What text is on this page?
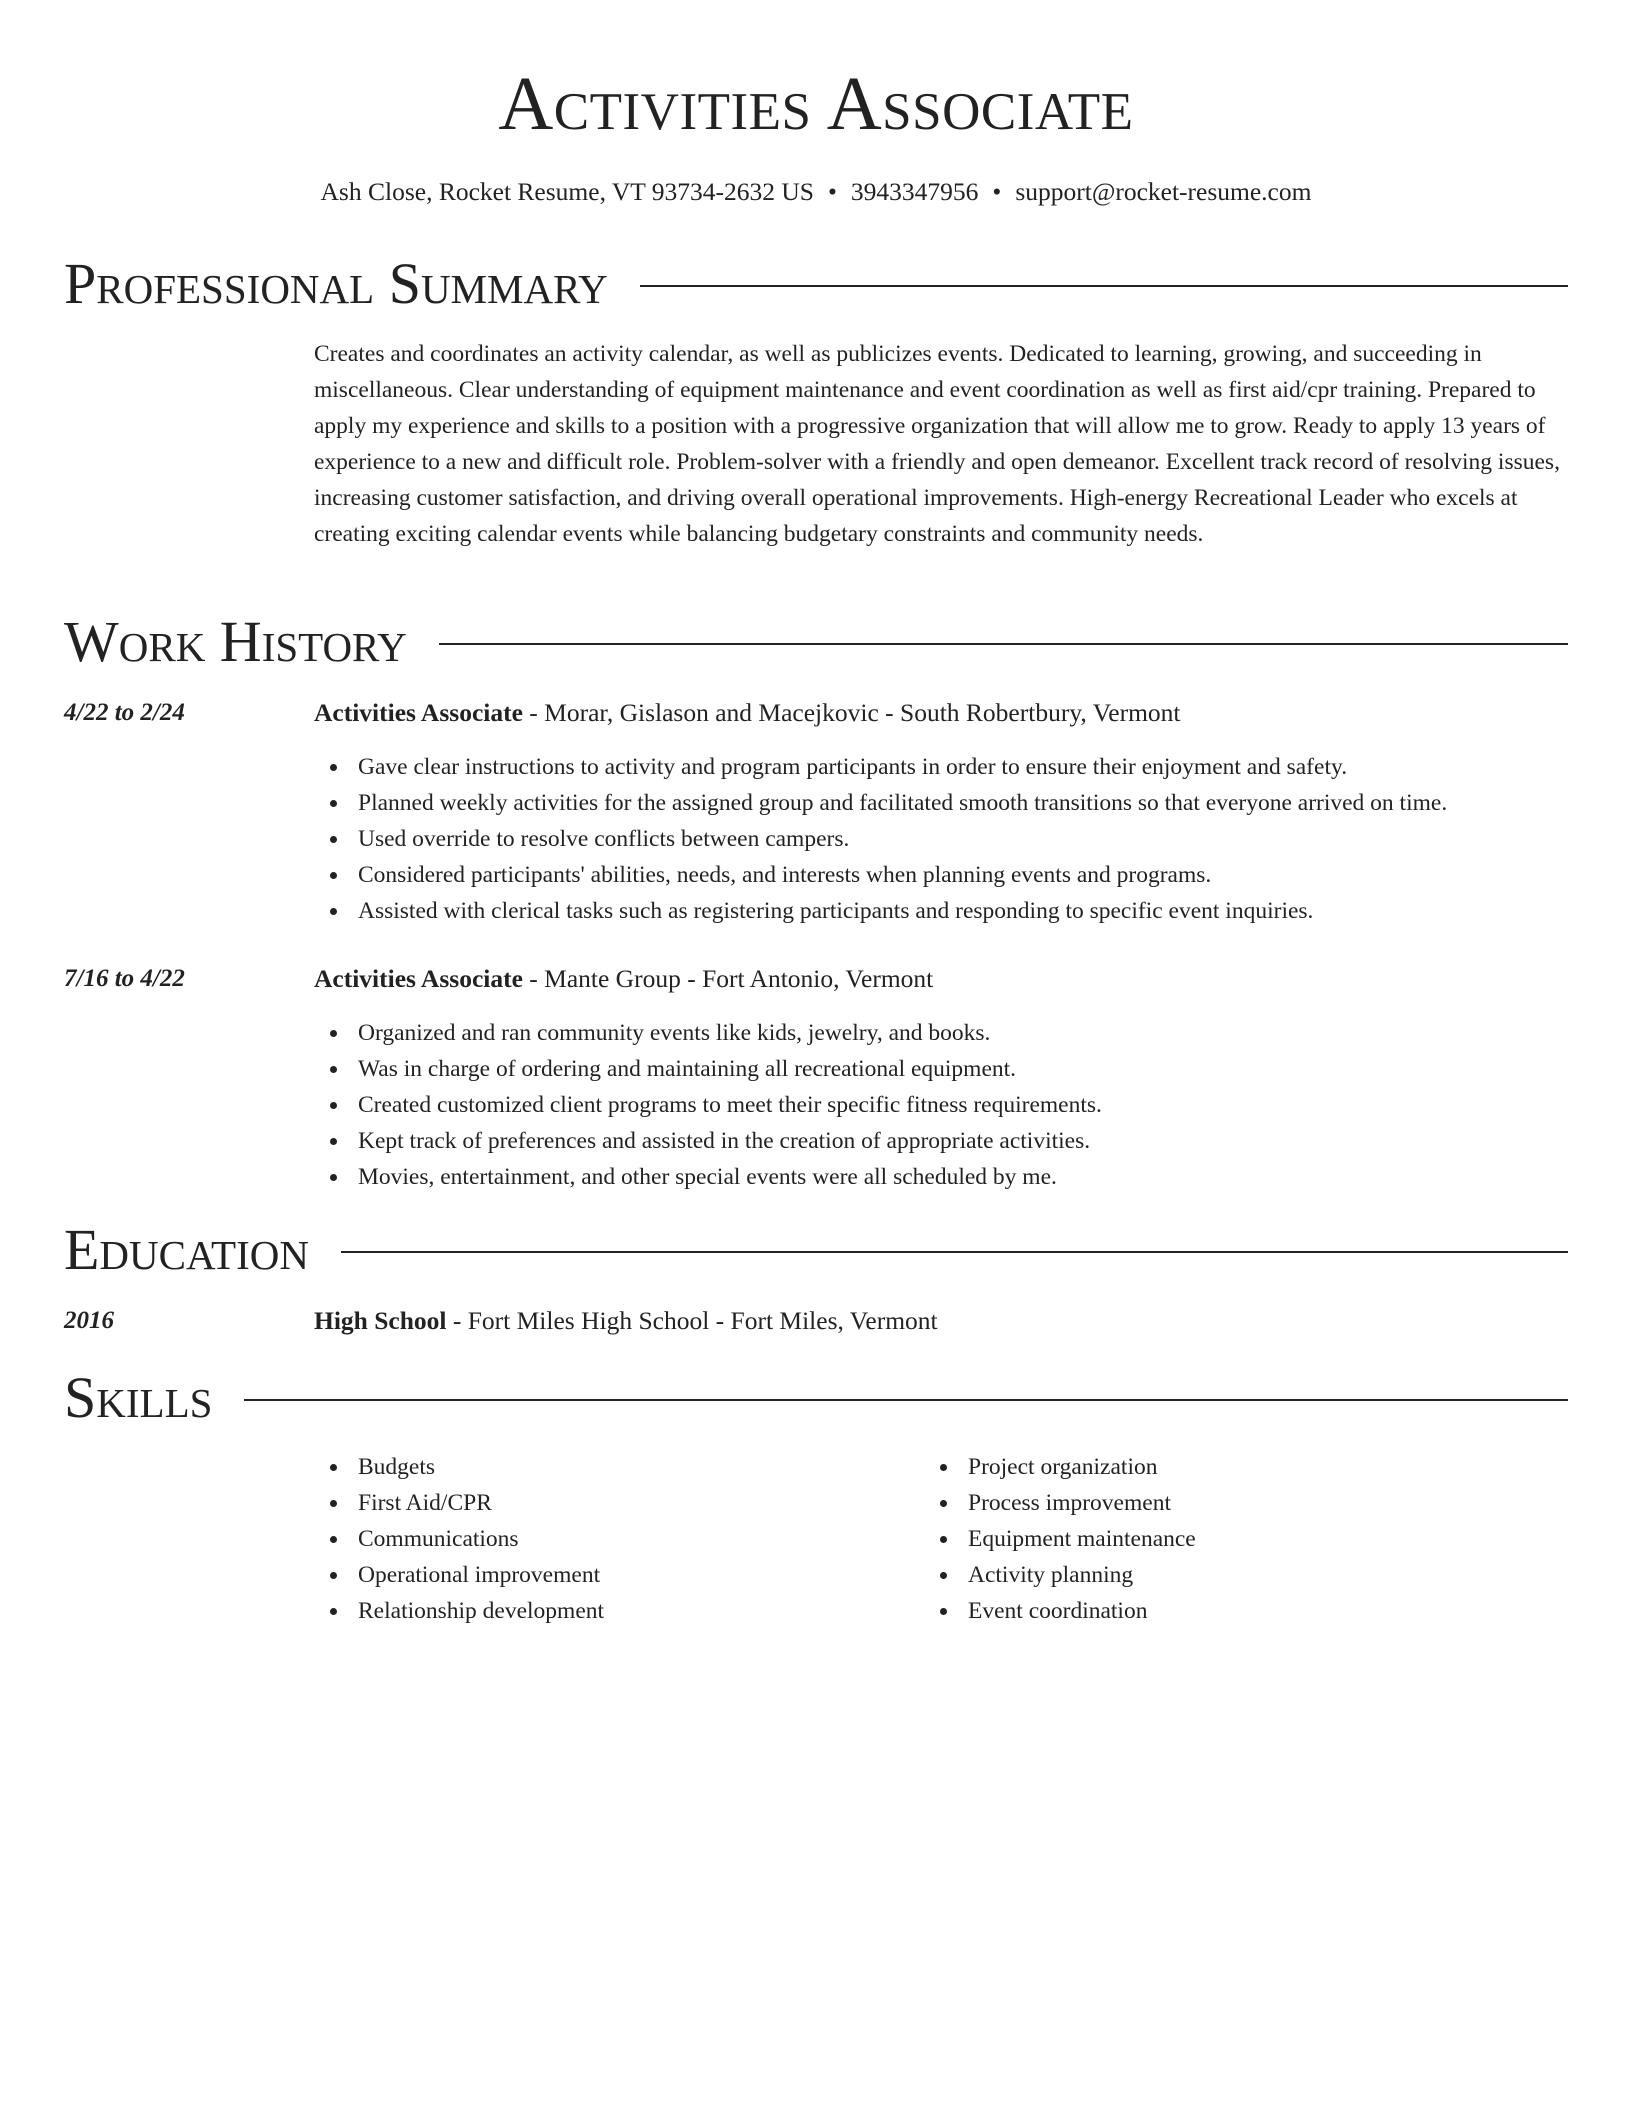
Activities Associate
Ash Close, Rocket Resume, VT 93734-2632 US • 3943347956 • support@rocket-resume.com
Professional Summary

Creates and coordinates an activity calendar, as well as publicizes events. Dedicated to learning, growing, and succeeding in miscellaneous. Clear understanding of equipment maintenance and event coordination as well as first aid/cpr training. Prepared to apply my experience and skills to a position with a progressive organization that will allow me to grow. Ready to apply 13 years of experience to a new and difficult role. Problem-solver with a friendly and open demeanor. Excellent track record of resolving issues, increasing customer satisfaction, and driving overall operational improvements. High-energy Recreational Leader who excels at creating exciting calendar events while balancing budgetary constraints and community needs.

Work History
4/22 to 2/24	Activities Associate - Morar, Gislason and Macejkovic - South Robertbury, Vermont
Gave clear instructions to activity and program participants in order to ensure their enjoyment and safety.
Planned weekly activities for the assigned group and facilitated smooth transitions so that everyone arrived on time.
Used override to resolve conflicts between campers.
Considered participants' abilities, needs, and interests when planning events and programs.
Assisted with clerical tasks such as registering participants and responding to specific event inquiries.
7/16 to 4/22	Activities Associate - Mante Group - Fort Antonio, Vermont
Organized and ran community events like kids, jewelry, and books.
Was in charge of ordering and maintaining all recreational equipment.
Created customized client programs to meet their specific fitness requirements.
Kept track of preferences and assisted in the creation of appropriate activities.
Movies, entertainment, and other special events were all scheduled by me.
Education
2016	High School - Fort Miles High School - Fort Miles, Vermont
Skills
Budgets
First Aid/CPR
Communications
Operational improvement
Relationship development
Project organization
Process improvement
Equipment maintenance
Activity planning
Event coordination
